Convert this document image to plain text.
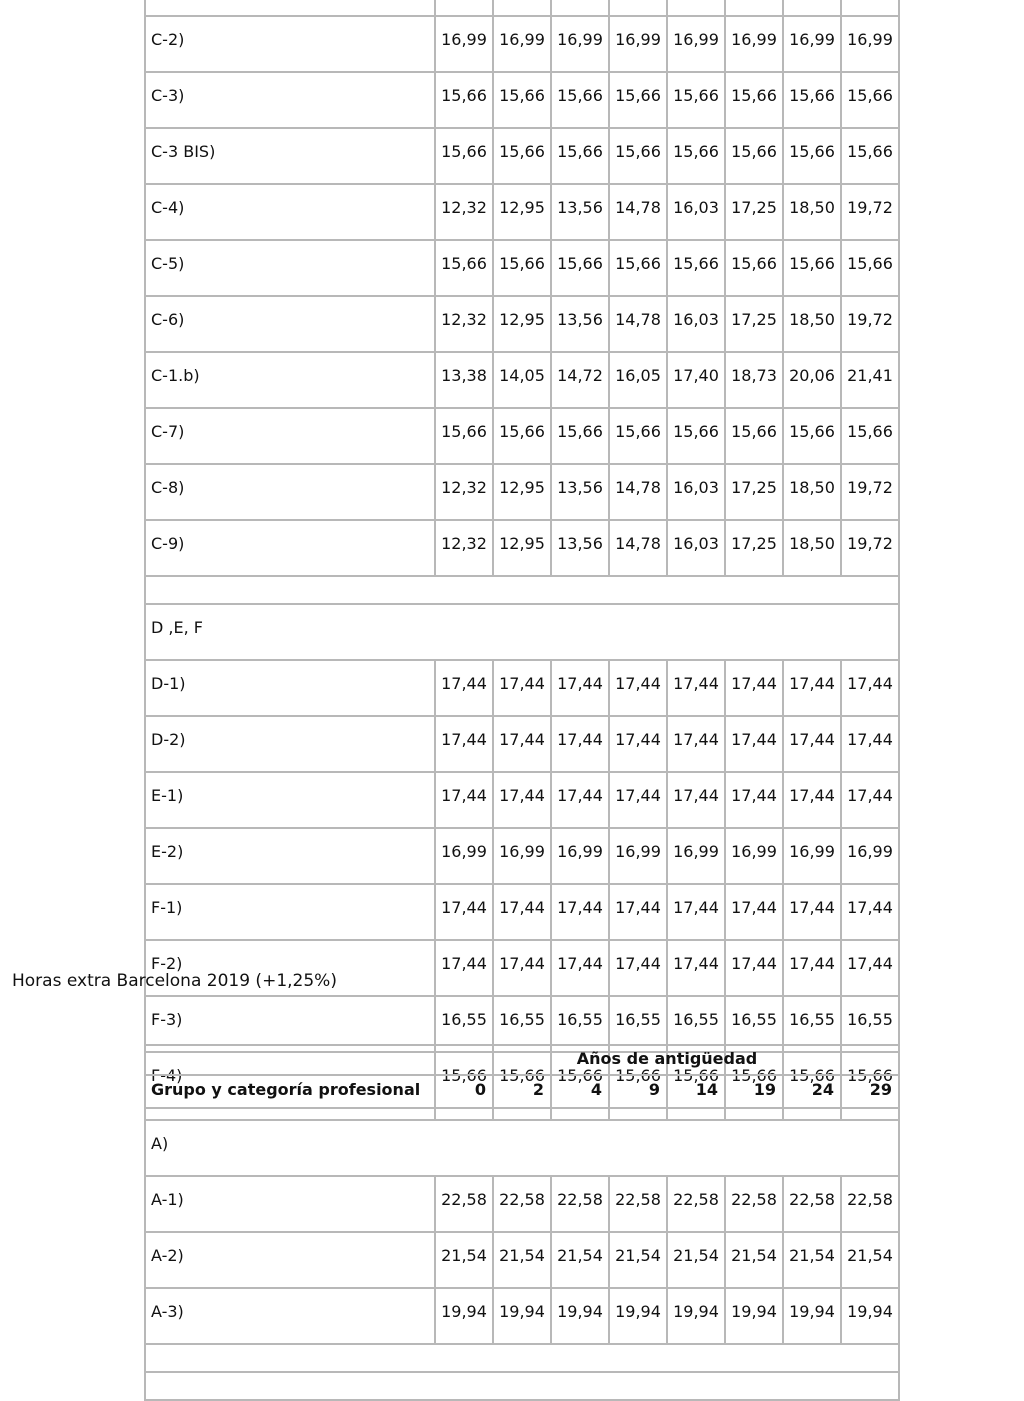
C-2)	16,99	16,99	16,99	16,99	16,99	16,99	16,99	16,99
C-3)	15,66	15,66	15,66	15,66	15,66	15,66	15,66	15,66
C-3 BIS)	15,66	15,66	15,66	15,66	15,66	15,66	15,66	15,66
C-4)	12,32	12,95	13,56	14,78	16,03	17,25	18,50	19,72
C-5)	15,66	15,66	15,66	15,66	15,66	15,66	15,66	15,66
C-6)	12,32	12,95	13,56	14,78	16,03	17,25	18,50	19,72
C-1.b)	13,38	14,05	14,72	16,05	17,40	18,73	20,06	21,41
C-7)	15,66	15,66	15,66	15,66	15,66	15,66	15,66	15,66
C-8)	12,32	12,95	13,56	14,78	16,03	17,25	18,50	19,72
C-9)	12,32	12,95	13,56	14,78	16,03	17,25	18,50	19,72

D ,E, F								
D-1)	17,44	17,44	17,44	17,44	17,44	17,44	17,44	17,44
D-2)	17,44	17,44	17,44	17,44	17,44	17,44	17,44	17,44
E-1)	17,44	17,44	17,44	17,44	17,44	17,44	17,44	17,44
E-2)	16,99	16,99	16,99	16,99	16,99	16,99	16,99	16,99
F-1)	17,44	17,44	17,44	17,44	17,44	17,44	17,44	17,44
F-2)	17,44	17,44	17,44	17,44	17,44	17,44	17,44	17,44
F-3)	16,55	16,55	16,55	16,55	16,55	16,55	16,55	16,55
F-4)	15,66	15,66	15,66	15,66	15,66	15,66	15,66	15,66
Horas extra Barcelona 2019 (+1,25%)
	Años de antigüedad							
Grupo y categoría profesional	0	2	4	9	14	19	24	29
A)								
A-1)	22,58	22,58	22,58	22,58	22,58	22,58	22,58	22,58
A-2)	21,54	21,54	21,54	21,54	21,54	21,54	21,54	21,54
A-3)	19,94	19,94	19,94	19,94	19,94	19,94	19,94	19,94
